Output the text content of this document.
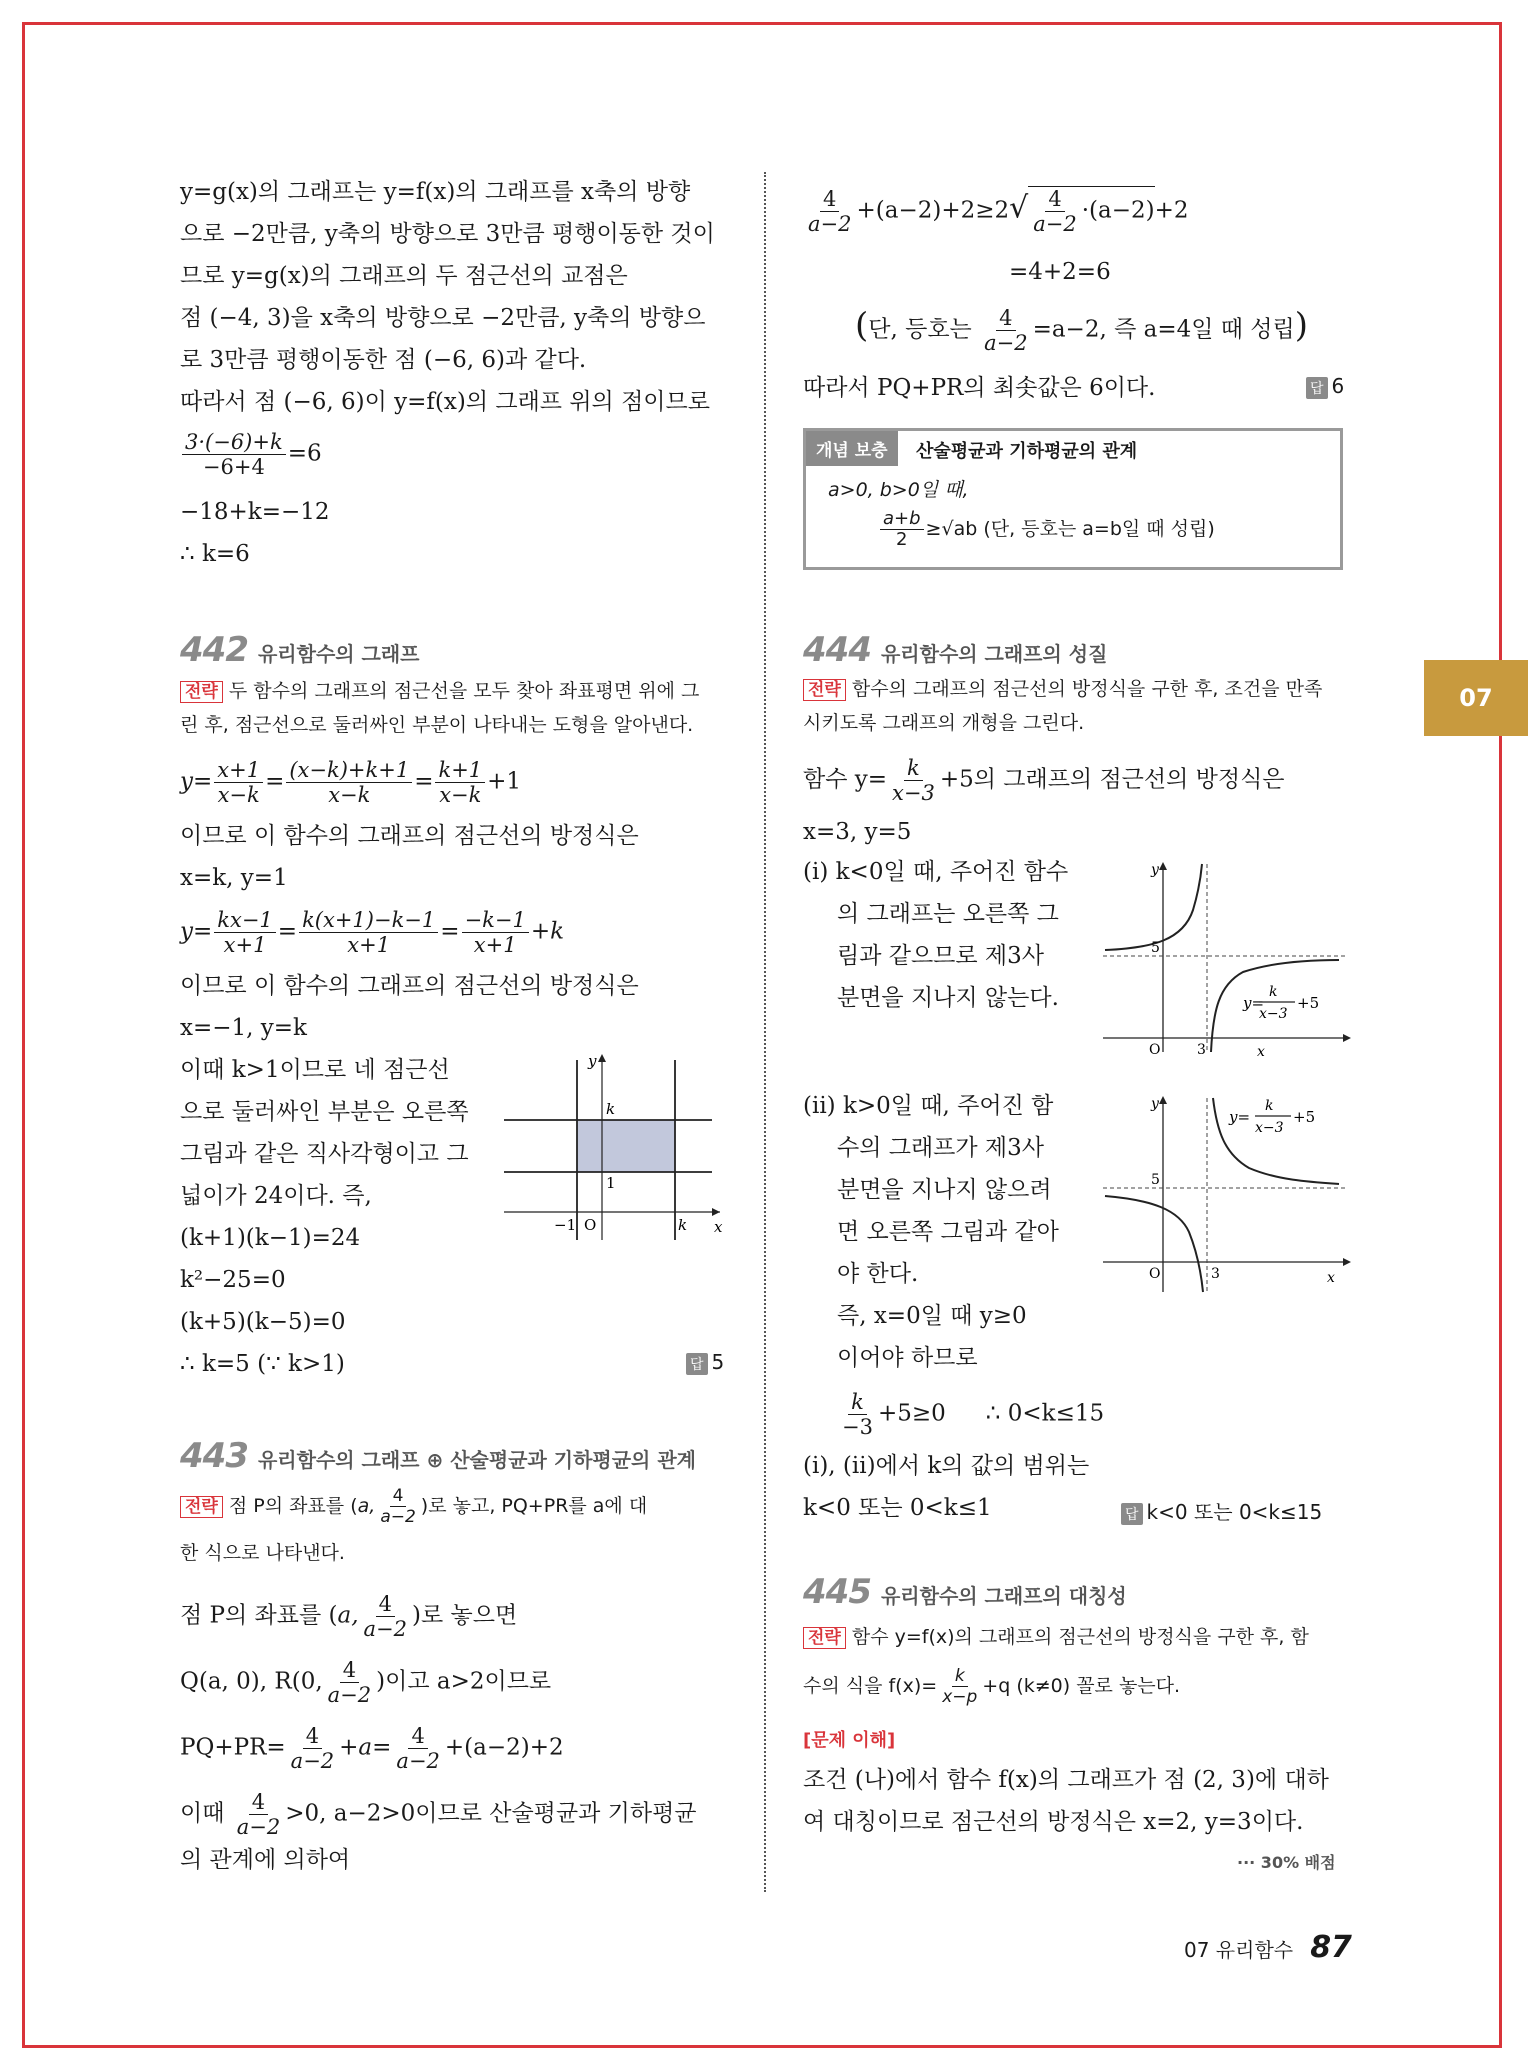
y=g(x)의 그래프는 y=f(x)의 그래프를 x축의 방향
으로 −2만큼, y축의 방향으로 3만큼 평행이동한 것이
므로 y=g(x)의 그래프의 두 점근선의 교점은
점 (−4, 3)을 x축의 방향으로 −2만큼, y축의 방향으
로 3만큼 평행이동한 점 (−6, 6)과 같다.
따라서 점 (−6, 6)이 y=f(x)의 그래프 위의 점이므로
$\frac{3\cdot(-6)+k}{-6+4} =6$
−18+k=−12
∴ k=6
442 유리함수의 그래프
전략 두 함수의 그래프의 점근선을 모두 찾아 좌표평면 위에 그
린 후, 점근선으로 둘러싸인 부분이 나타내는 도형을 알아낸다.
$y= \frac{x+1}{x-k} = \frac{(x-k)+k+1}{x-k} = \frac{k+1}{x-k} +1$
이므로 이 함수의 그래프의 점근선의 방정식은
x=k, y=1
$y= \frac{kx-1}{x+1} = \frac{k(x+1)-k-1}{x+1} = \frac{-k-1}{x+1} +k$
이므로 이 함수의 그래프의 점근선의 방정식은
x=−1, y=k
이때 k>1이므로 네 점근선
으로 둘러싸인 부분은 오른쪽
그림과 같은 직사각형이고 그
넓이가 24이다. 즉,
(k+1)(k−1)=24
k²−25=0
(k+5)(k−5)=0
∴ k=5 (∵ k>1)	답 5
y
x
k
1
−1 O	k
443 유리함수의 그래프 ⊕ 산술평균과 기하평균의 관계
전략 점 P의 좌표를 (a, $\frac{4}{a-2}$ )로 놓고, PQ+PR를 a에 대
한 식으로 나타낸다.
점 P의 좌표를 (a, $\frac{4}{a-2}$ )로 놓으면
Q(a, 0), R(0, $\frac{4}{a-2}$ )이고 a>2이므로
$PQ+PR= \frac{4}{a-2} +a= \frac{4}{a-2} +(a-2)+2$
이때 $\frac{4}{a-2} >0$, a−2>0이므로 산술평균과 기하평균
의 관계에 의하여
$\frac{4}{a-2} +(a-2)+2\ge 2√ \frac{4}{a-2} \cdot(a-2)+2$
=4+2=6
(단, 등호는 $\frac{4}{a-2} =a-2$, 즉 a=4일 때 성립)
따라서 PQ+PR의 최솟값은 6이다.	답 6
개념 보충	산술평균과 기하평균의 관계
a>0, b>0일 때,
$\frac{a+b}{2} \ge√ab$ (단, 등호는 a=b일 때 성립)
444 유리함수의 그래프의 성질
전략 함수의 그래프의 점근선의 방정식을 구한 후, 조건을 만족
시키도록 그래프의 개형을 그린다.
함수 $y= \frac{k}{x-3} +5$의 그래프의 점근선의 방정식은
x=3, y=5
(i) k<0일 때, 주어진 함수
의 그래프는 오른쪽 그
림과 같으므로 제3사
분면을 지나지 않는다.
(ii) k>0일 때, 주어진 함
수의 그래프가 제3사
분면을 지나지 않으려
면 오른쪽 그림과 같아
야 한다.
즉, x=0일 때 y≥0
이어야 하므로
$\frac{k}{-3} +5\ge 0$ ∴ 0<k≤15
(i), (ii)에서 k의 값의 범위는
k<0 또는 0<k≤1	답 k<0 또는 0<k≤15
y
x
O
5
3
y=
k
x−3
+5
y
x
O
5
3
y=
k
x−3
+5
445 유리함수의 그래프의 대칭성
전략 함수 y=f(x)의 그래프의 점근선의 방정식을 구한 후, 함
수의 식을 $f(x)= \frac{k}{x-p} +q$ (k≠0) 꼴로 놓는다.
[문제 이해]
조건 (나)에서 함수 f(x)의 그래프가 점 (2, 3)에 대하
여 대칭이므로 점근선의 방정식은 x=2, y=3이다.
··· 30% 배점
07
07 유리함수 87
